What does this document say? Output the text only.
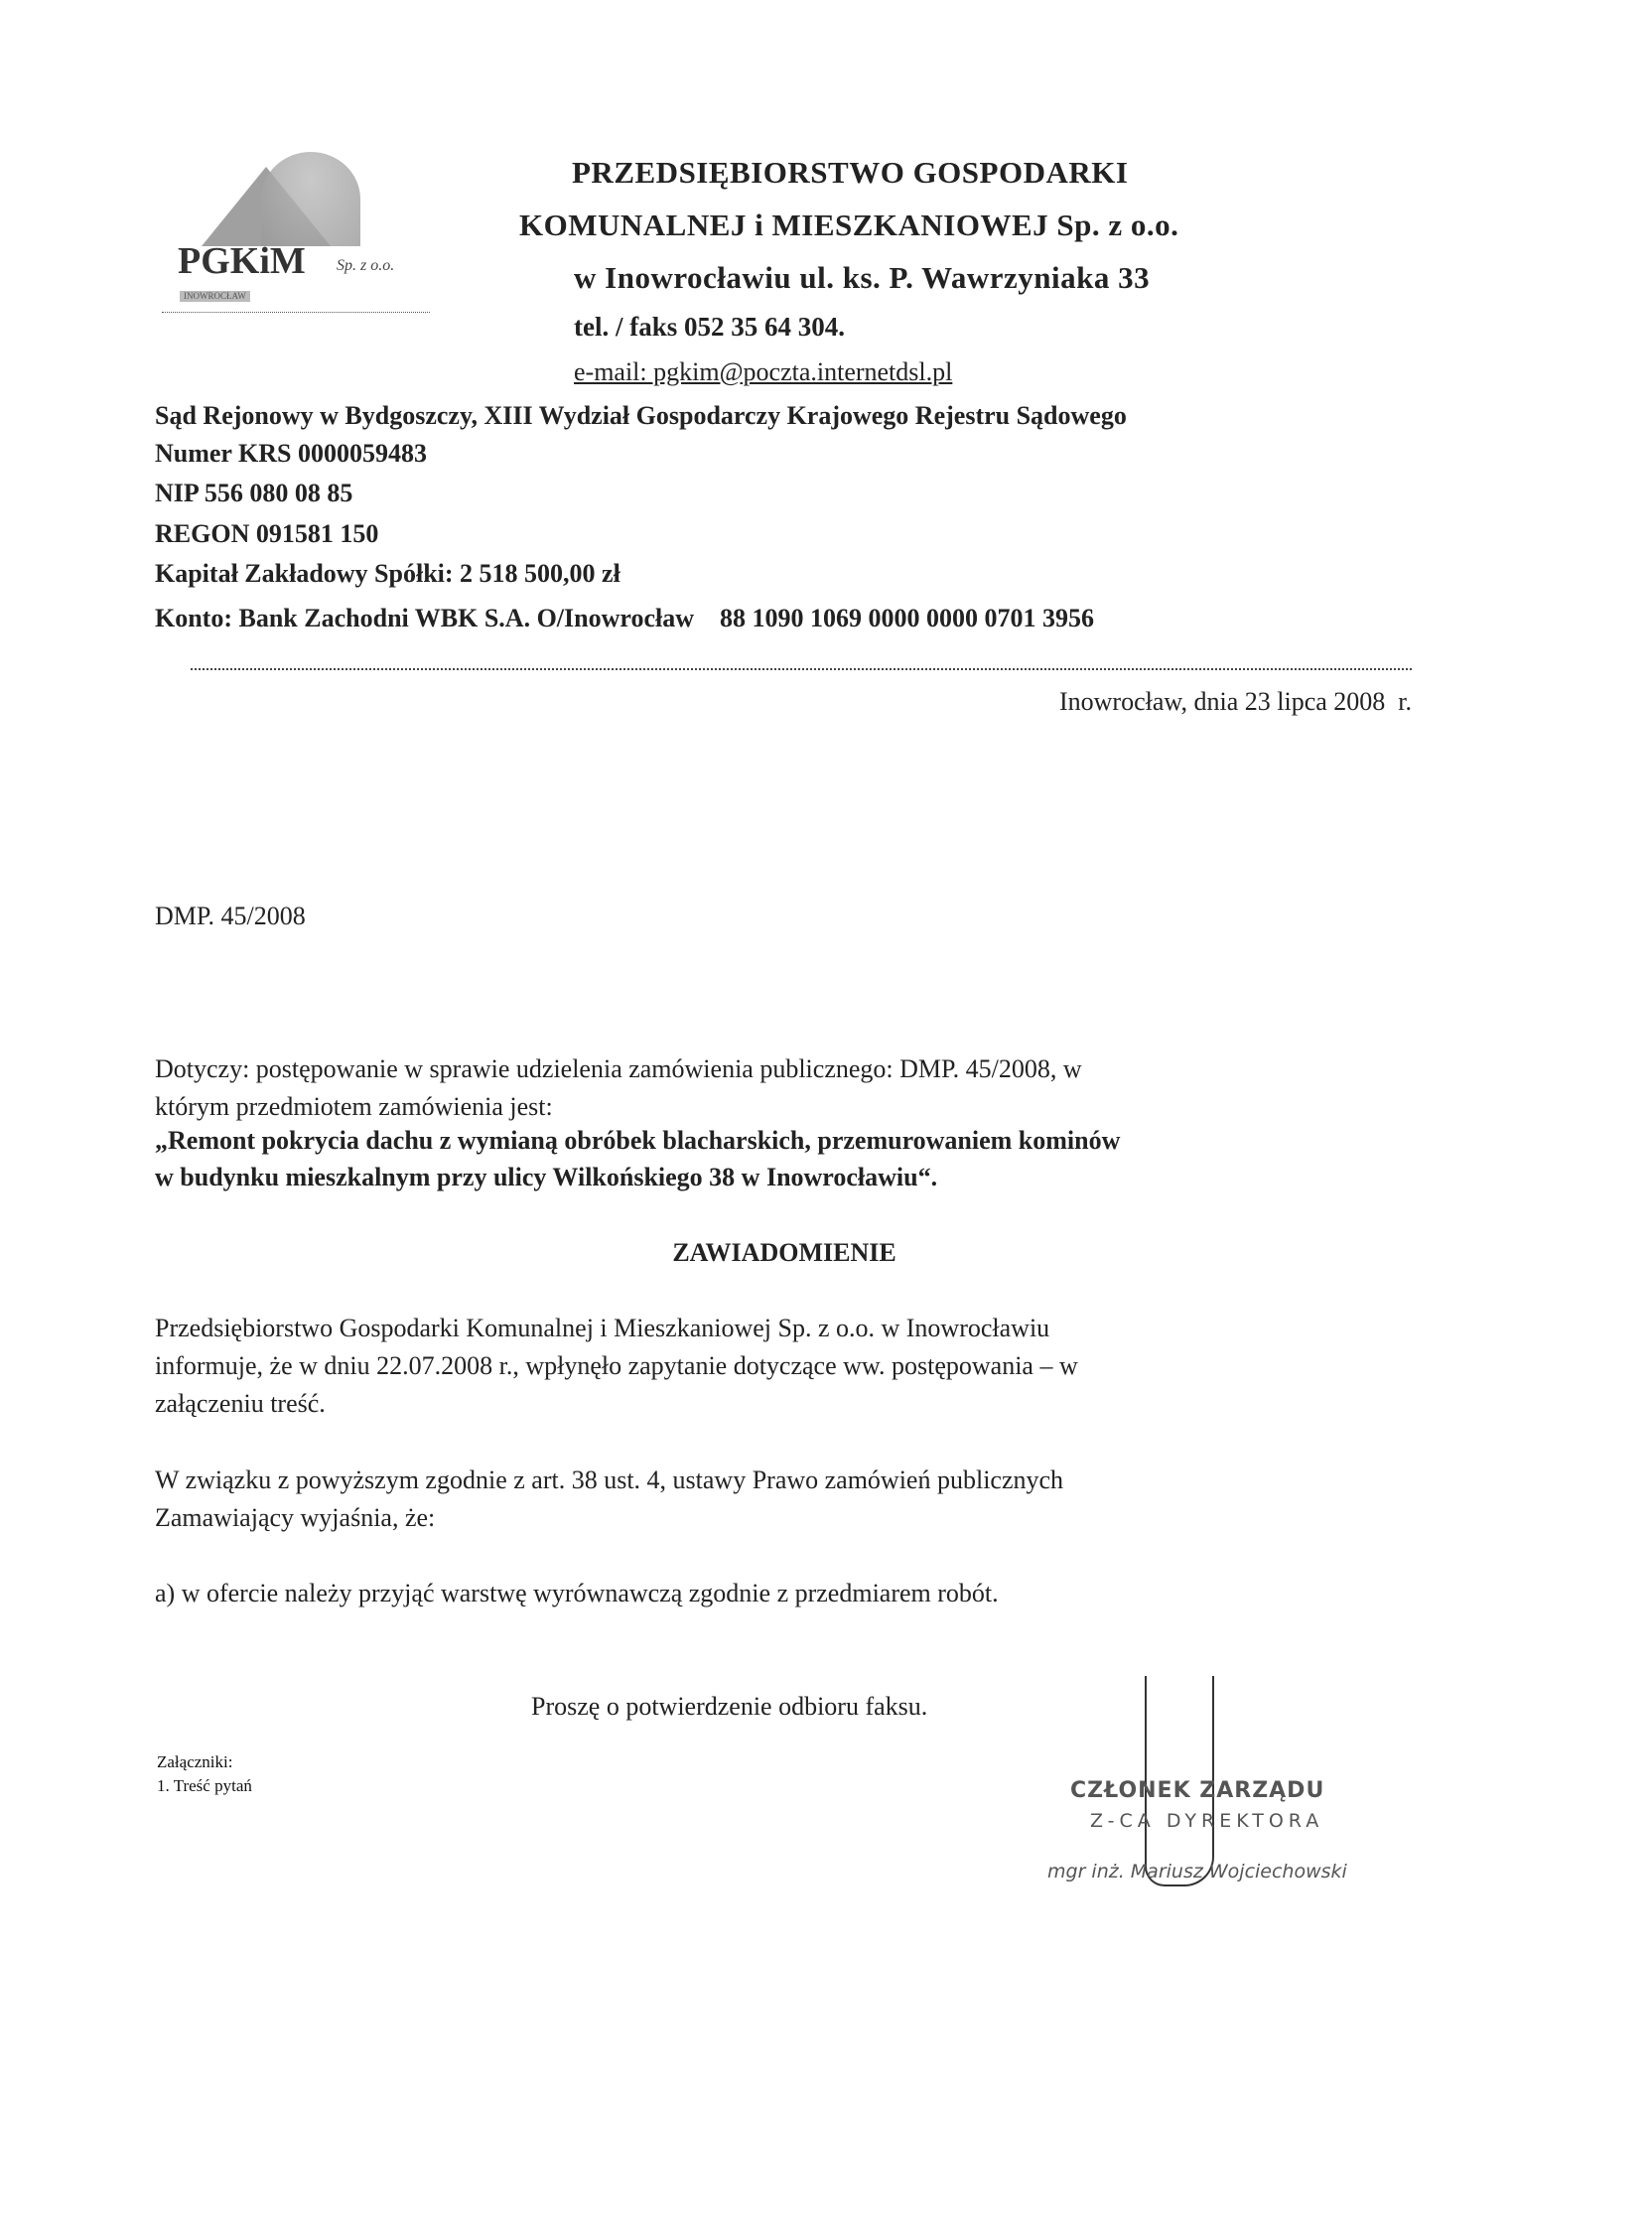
PGKiM Sp. z o.o.
INOWROCŁAW
PRZEDSIĘBIORSTWO GOSPODARKI
KOMUNALNEJ i MIESZKANIOWEJ Sp. z o.o.
w Inowrocławiu ul. ks. P. Wawrzyniaka 33
tel. / faks 052 35 64 304.
e-mail: pgkim@poczta.internetdsl.pl
Sąd Rejonowy w Bydgoszczy, XIII Wydział Gospodarczy Krajowego Rejestru Sądowego
Numer KRS 0000059483
NIP 556 080 08 85
REGON 091581 150
Kapitał Zakładowy Spółki: 2 518 500,00 zł
Konto: Bank Zachodni WBK S.A. O/Inowrocław    88 1090 1069 0000 0000 0701 3956
Inowrocław, dnia 23 lipca 2008  r.
DMP. 45/2008
Dotyczy: postępowanie w sprawie udzielenia zamówienia publicznego: DMP. 45/2008, w
którym przedmiotem zamówienia jest:
„Remont pokrycia dachu z wymianą obróbek blacharskich, przemurowaniem kominów
w budynku mieszkalnym przy ulicy Wilkońskiego 38 w Inowrocławiu“.
ZAWIADOMIENIE
Przedsiębiorstwo Gospodarki Komunalnej i Mieszkaniowej Sp. z o.o. w Inowrocławiu
informuje, że w dniu 22.07.2008 r., wpłynęło zapytanie dotyczące ww. postępowania – w
załączeniu treść.
W związku z powyższym zgodnie z art. 38 ust. 4, ustawy Prawo zamówień publicznych
Zamawiający wyjaśnia, że:
a) w ofercie należy przyjąć warstwę wyrównawczą zgodnie z przedmiarem robót.
Proszę o potwierdzenie odbioru faksu.
Załączniki:
1. Treść pytań	CZŁONEK ZARZĄDU
Z-CA DYREKTORA
mgr inż. Mariusz Wojciechowski
